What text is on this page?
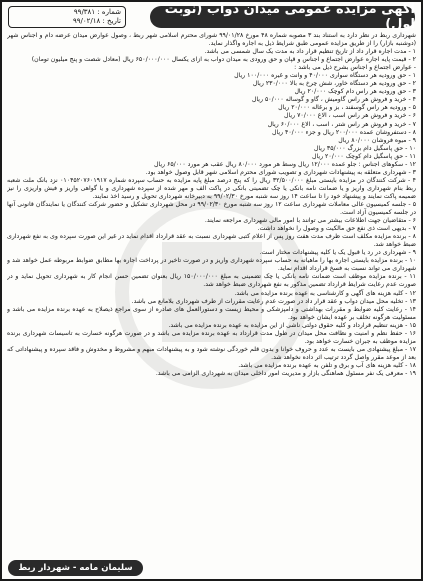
آگهی مزایده عمومی میدان دوآب (نوبت اول)
شماره : ۹۹/۳۸۱
تاریخ : ۹۹/۰۲/۱۸

شهرداری ربط در نظر دارد به استناد بند ۳ مصوبه شماره ۴۸ مورخ ۹۹/۰۱/۲۸ شورای محترم اسلامی شهر ربط ، وصول عوارض میدان عرضه دام و اجناس شهر (دوشنبه بازار) را از طریق مزایده عمومی طبق شرایط ذیل به اجاره واگذار نماید.

۱ - مدت اجاره قرار داد از تاریخ تنظیم قرار داد به مدت یک سال شمسی می باشد.

۲ - قیمت پایه اجاره عوارض اجتماع و اجناس و قپان و حق ورودی به میدان دواب به ازای یکسال ۶۵۰/۰۰۰/۰۰۰ ریال (معادل شصت و پنج میلیون تومان)

- عوارض اجتماع و اجناس بشرح ذیل می باشد :

۱ - حق ورودیه هر دستگاه سواری ۴۰/۰۰۰ و وانت و غیره ۱۰۰/۰۰۰ ریال

۲ - حق ورودیه هر دستگاه خاور، شش چرخ به بالا ۲۳۰/۰۰۰ ریال

۳ - حق ورودیه هر راس دام کوچک ۲۰/۰۰۰ ریال

۴ - خرید و فروش هر راس گاومیش ، گاو و گوساله ۵۰/۰۰۰ ریال

۵ - ورودیه هر راس گوسفند ، بز و برغاله ۲۰/۰۰۰ ریال

۶ - خرید و فروش هر راس اسب ، الاغ ۷۰/۰۰۰ ریال

۷ - خرید و فروش هر راس شتر ، اسب ، الاغ ۶۰/۰۰۰ ریال

۸ - دستفروشان عمده ۲۰۰/۰۰۰ ریال و جزء ۴۰/۰۰۰ ریال

۹ - میوه فروشان ۸۰/۰۰۰ ریال

۱۰ - حق پاسگیل دام بزرگ ۳۵/۰۰۰ ریال

۱۱ - حق پاسگیل دام کوچک ۲۰/۰۰۰ ریال

۱۲ - سکوهای اجناس : جلو عمده ۱۲/۰۰۰ ریال وسط هر مورد ۸۰/۰۰۰ ریال عقب هر مورد ۶۵/۰۰۰ ریال

۳ - شهرداری متعلقه به پیشنهادات شهرداری و تصویب شورای محترم اسلامی شهر قابل وصول خواهد بود.

۴ - شرکت کنندگان در مزایده بایستی مبلغ ۳۲/۵۰۰/۰۰۰ ریال را که پنج درصد مبلغ پایه مزایده به حساب سپرده شماره ۰۱۰۴۵۲۰۷۶۰۱۹۱۷ نزد بانک ملت شعبه ربط بنام شهرداری واریز و یا ضمانت نامه بانکی یا چک تضمینی بانکی در پاکت الف و مهر شده از سپرده شهرداری و یا گواهی واریز و فیش واریزی را نیز ضمیمه پاکت نمایند و پیشنهاد خود را تا ساعت ۱۴ روز سه شنبه مورخ ۹۹/۰۲/۳۰ به دبیرخانه شهرداری تحویل و رسید اخذ نمایند.

۵ - جلسه کمیسیون عالی معاملات شهرداری ساعت ۱۲ روز سه شنبه مورخ ۹۹/۰۲/۳۰ در محل شهرداری تشکیل و حضور شرکت کنندگان یا نمایندگان قانونی آنها در جلسه کمیسیون آزاد است.

۶ - متقاضیان جهت اطلاعات بیشتر می توانند با امور مالی شهرداری مراجعه نمایند.

۷ - بدیهی است ذی نفع حق مالکیت و وصول را نخواهد داشت.

۸ - برنده مزایده مکلف است ظرف مدت هفت روز پس از اعلام کتبی شهرداری نسبت به عقد قرارداد اقدام نماید در غیر این صورت سپرده وی به نفع شهرداری ضبط خواهد شد.

۹ - شهرداری در رد یا قبول یک یا کلیه پیشنهادات مختار است.

۱۰ - برنده مزایده بایستی اجاره بها را ماهیانه به حساب سپرده شهرداری واریز و در صورت تاخیر در پرداخت اجاره بها مطابق ضوابط مربوطه عمل خواهد شد و شهرداری می تواند نسبت به فسخ قرارداد اقدام نماید.

۱۱ - برنده مزایده موظف است ضمانت نامه بانکی یا چک تضمینی به مبلغ ۱۵۰/۰۰۰/۰۰۰ ریال بعنوان تضمین حسن انجام کار به شهرداری تحویل نماید و در صورت عدم رعایت شرایط قرارداد تضمین مذکور به نفع شهرداری ضبط خواهد شد.

۱۲ - کلیه هزینه های آگهی و کارشناسی به عهده برنده مزایده می باشد.

۱۳ - تخلیه محل میدان دواب و عقد قرار داد در صورت عدم رعایت مقررات از طرف شهرداری بلامانع می باشد.

۱۴ - رعایت کلیه ضوابط و مقررات بهداشتی و دامپزشکی و محیط زیست و دستورالعمل های صادره از سوی مراجع ذیصلاح به عهده برنده مزایده می باشد و مسئولیت هرگونه تخلف بر عهده ایشان خواهد بود.

۱۵ - هزینه تنظیم قرارداد و کلیه حقوق دولتی ناشی از این مزایده به عهده برنده مزایده می باشد.

۱۶ - حفظ نظم و امنیت و نظافت محل میدان در طول مدت قرارداد به عهده برنده مزایده می باشد و در صورت هرگونه خسارت به تاسیسات شهرداری برنده مزایده موظف به جبران خسارت خواهد بود.

۱۷ - مبلغ پیشنهادی می بایست به عدد و حروف خوانا و بدون قلم خوردگی نوشته شود و به پیشنهادات مبهم و مشروط و مخدوش و فاقد سپرده و پیشنهاداتی که بعد از موعد مقرر واصل گردد ترتیب اثر داده نخواهد شد.

۱۸ - کلیه هزینه های آب و برق و تلفن به عهده برنده مزایده می باشد.

۱۹ - معرفی یک نفر مسئول هماهنگی بازار و مدیریت امور داخلی میدان به شهرداری الزامی می باشد.

سلیمان مامه - شهردار ربط
